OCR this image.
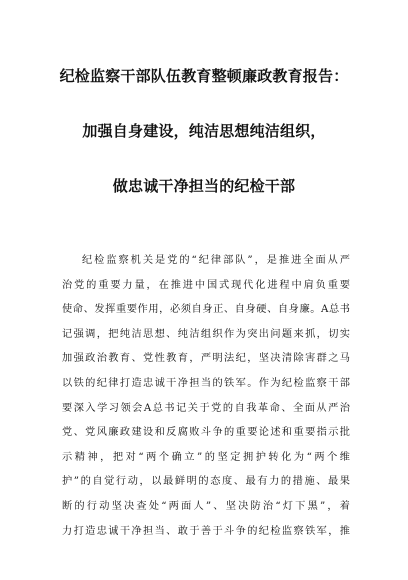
纪检监察干部队伍教育整顿廉政教育报告：
加强自身建设，纯洁思想纯洁组织，
做忠诚干净担当的纪检干部
纪检监察机关是党的“纪律部队”，是推进全面从严
治党的重要力量，在推进中国式现代化进程中肩负重要
使命、发挥重要作用，必须自身正、自身硬、自身廉。A总书
记强调，把纯洁思想、纯洁组织作为突出问题来抓，切实
加强政治教育、党性教育，严明法纪，坚决清除害群之马
以铁的纪律打造忠诚干净担当的铁军。作为纪检监察干部
要深入学习领会A总书记关于党的自我革命、全面从严治
党、党风廉政建设和反腐败斗争的重要论述和重要指示批
示精神，把对“两个确立”的坚定拥护转化为“两个维
护”的自觉行动，以最鲜明的态度、最有力的措施、最果
断的行动坚决查处“两面人”、坚决防治“灯下黑”，着
力打造忠诚干净担当、敢于善于斗争的纪检监察铁军，推
